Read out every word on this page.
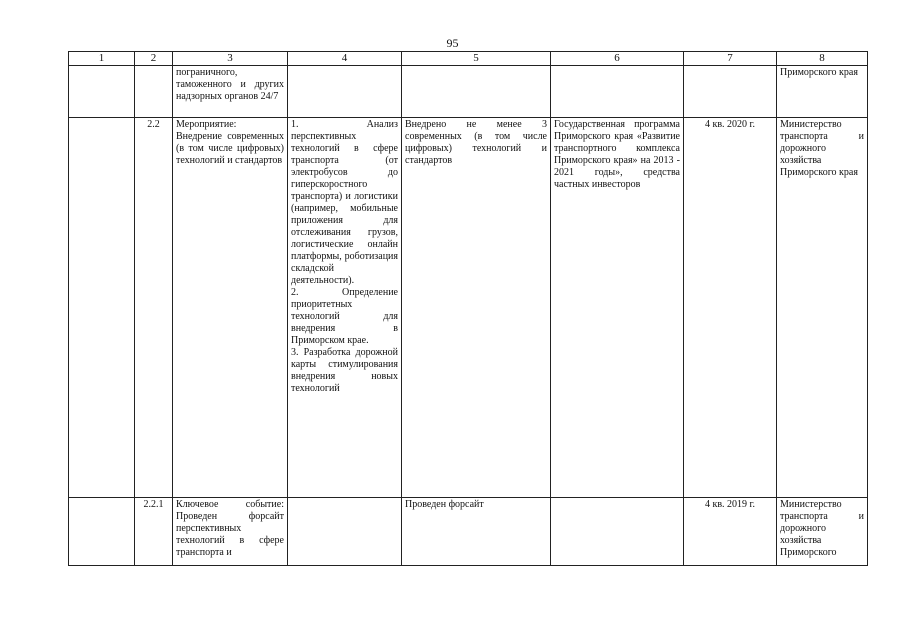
95
1	2	3	4	5	6	7	8
		пограничного, таможенного и других надзорных органов 24/7					Приморского края
	2.2	Мероприятие: Внедрение современных (в том числе цифровых) технологий и стандартов	1. Анализ перспективных технологий в сфере транспорта (от электробусов до гиперскоростного транспорта) и логистики (например, мобильные приложения для отслеживания грузов, логистические онлайн платформы, роботизация складской деятельности).
2. Определение приоритетных технологий для внедрения в Приморском крае.
3. Разработка дорожной карты стимулирования внедрения новых технологий	Внедрено не менее 3 современных (в том числе цифровых) технологий и стандартов	Государственная программа Приморского края «Развитие транспортного комплекса Приморского края» на 2013 - 2021 годы», средства частных инвесторов	4 кв. 2020 г.	Министерство транспорта и дорожного хозяйства Приморского края
	2.2.1	Ключевое событие: Проведен форсайт перспективных технологий в сфере транспорта и		Проведен форсайт		4 кв. 2019 г.	Министерство транспорта и дорожного хозяйства Приморского
